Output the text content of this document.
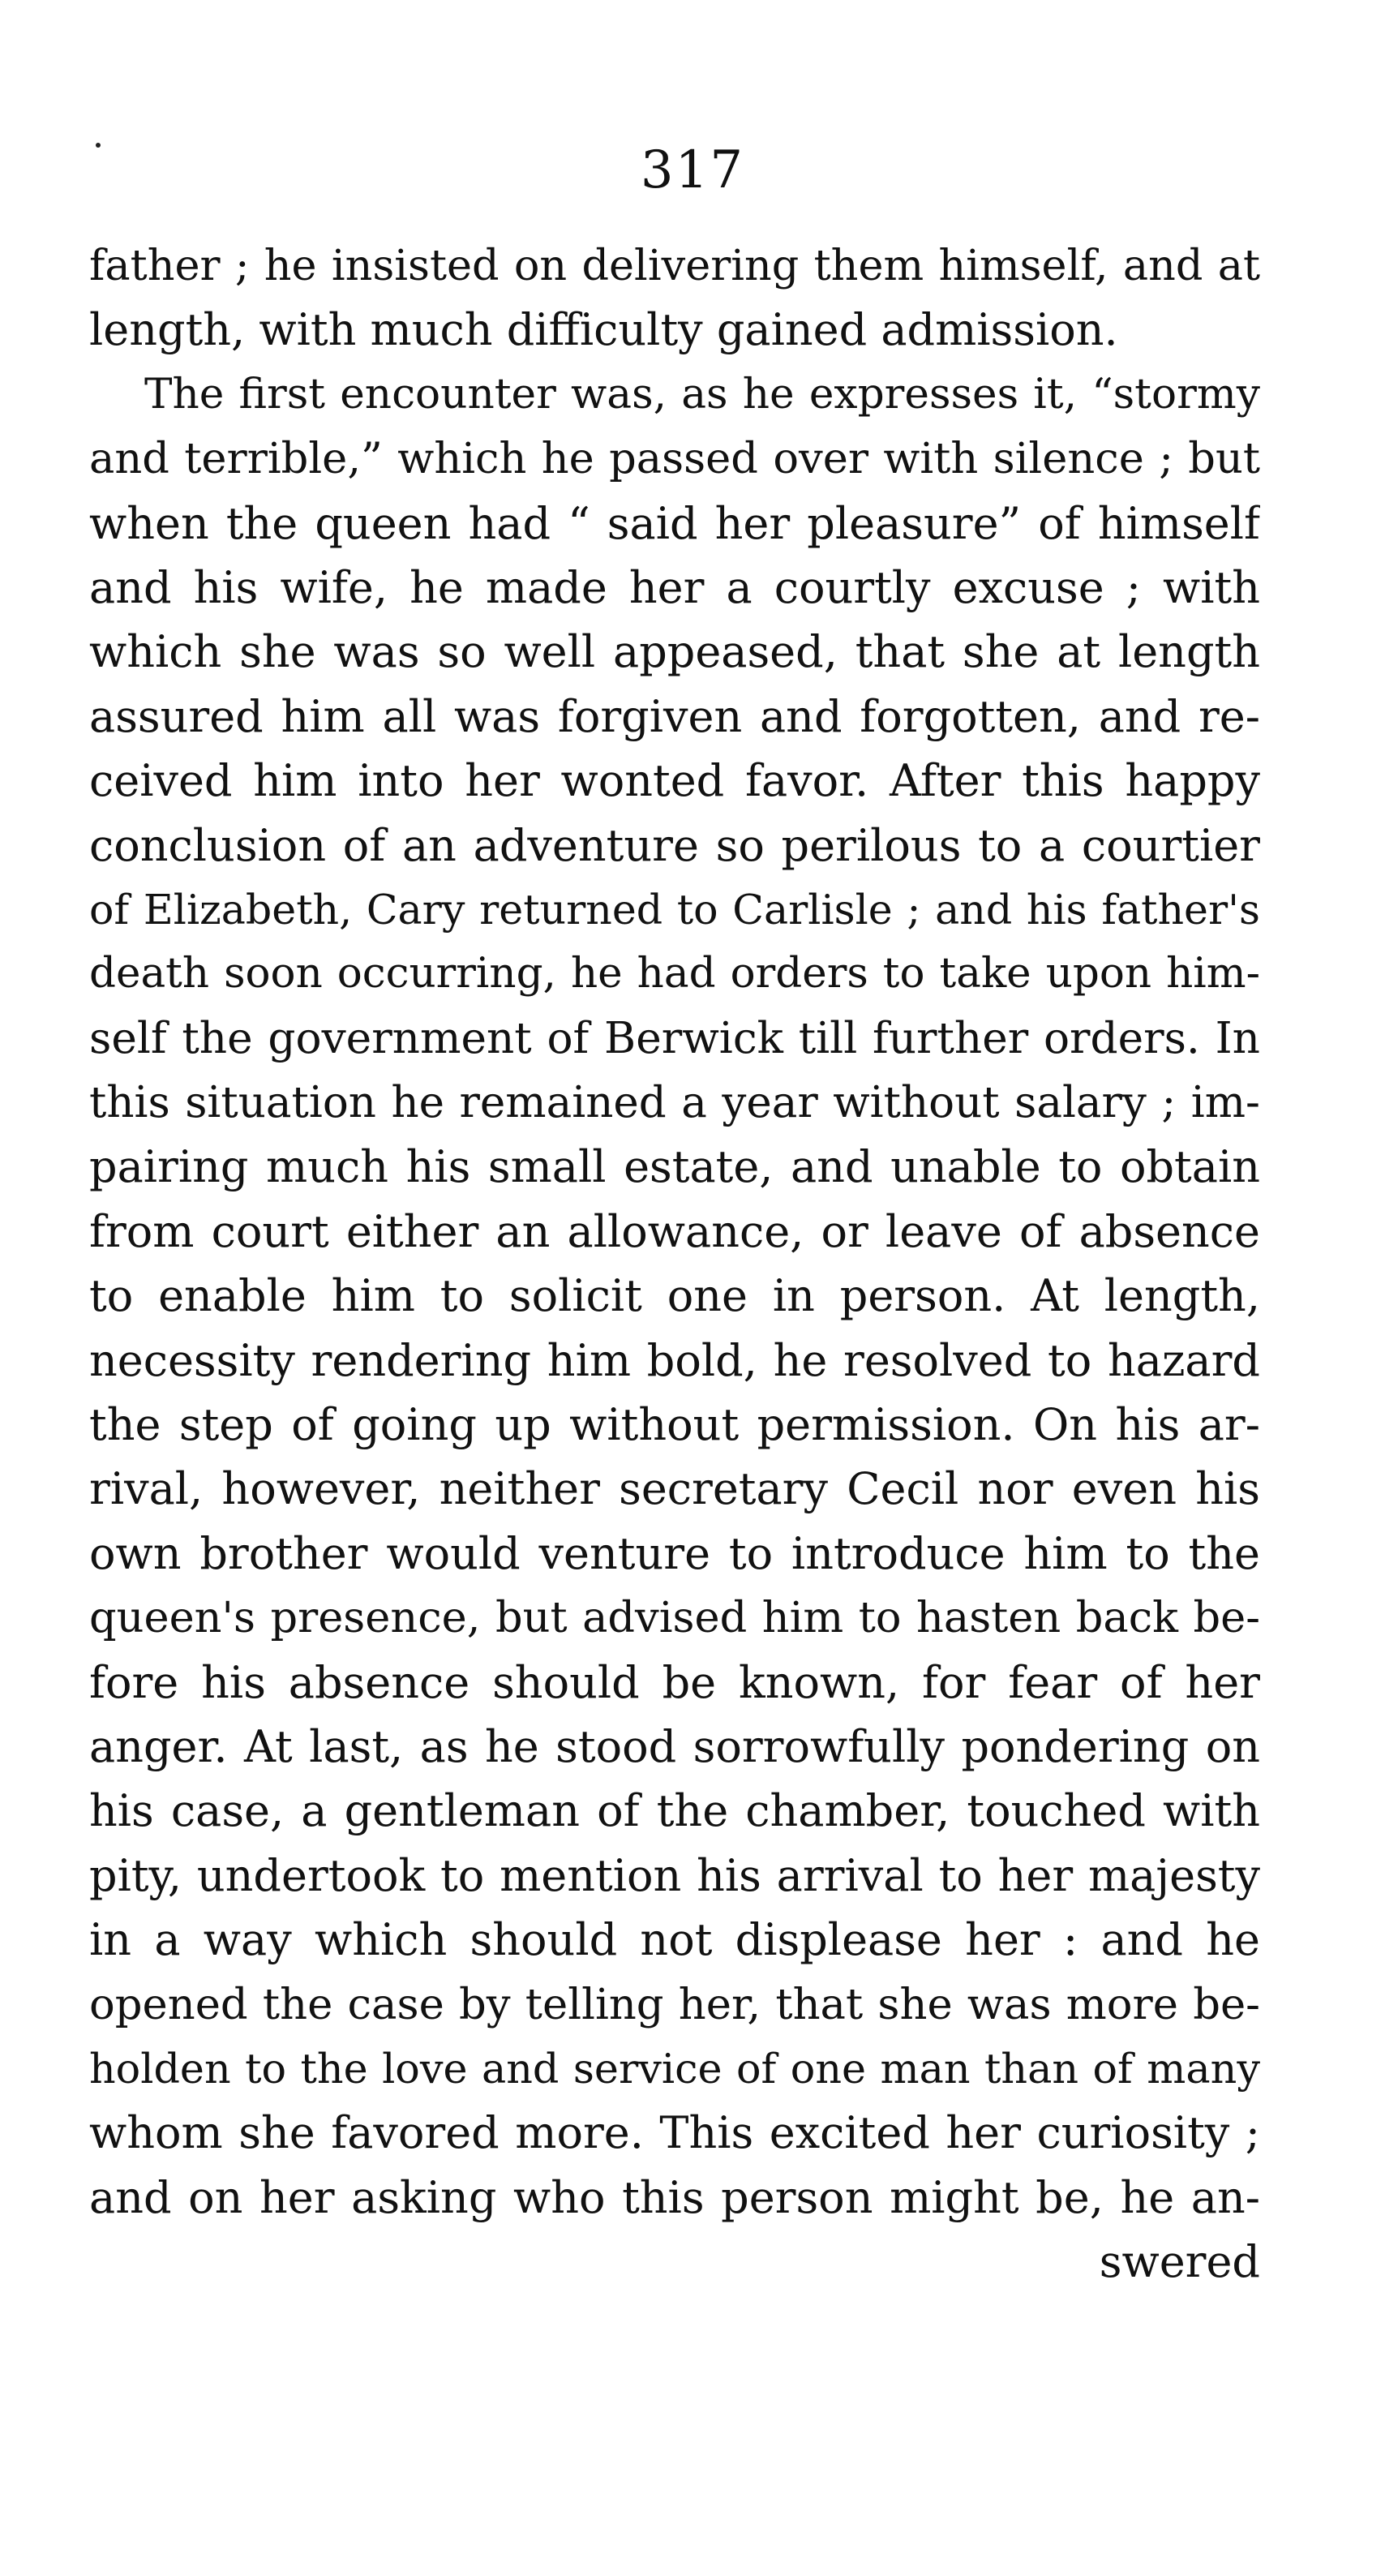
317
father ; he insisted on delivering them himself, and at
length, with much difficulty gained admission.
The first encounter was, as he expresses it, “stormy
and terrible,” which he passed over with silence ; but
when the queen had “ said her pleasure” of himself
and his wife, he made her a courtly excuse ; with
which she was so well appeased, that she at length
assured him all was forgiven and forgotten, and re-
ceived him into her wonted favor. After this happy
conclusion of an adventure so perilous to a courtier
of Elizabeth, Cary returned to Carlisle ; and his father's
death soon occurring, he had orders to take upon him-
self the government of Berwick till further orders. In
this situation he remained a year without salary ; im-
pairing much his small estate, and unable to obtain
from court either an allowance, or leave of absence
to enable him to solicit one in person. At length,
necessity rendering him bold, he resolved to hazard
the step of going up without permission. On his ar-
rival, however, neither secretary Cecil nor even his
own brother would venture to introduce him to the
queen's presence, but advised him to hasten back be-
fore his absence should be known, for fear of her
anger. At last, as he stood sorrowfully pondering on
his case, a gentleman of the chamber, touched with
pity, undertook to mention his arrival to her majesty
in a way which should not displease her : and he
opened the case by telling her, that she was more be-
holden to the love and service of one man than of many
whom she favored more. This excited her curiosity ;
and on her asking who this person might be, he an-
swered
